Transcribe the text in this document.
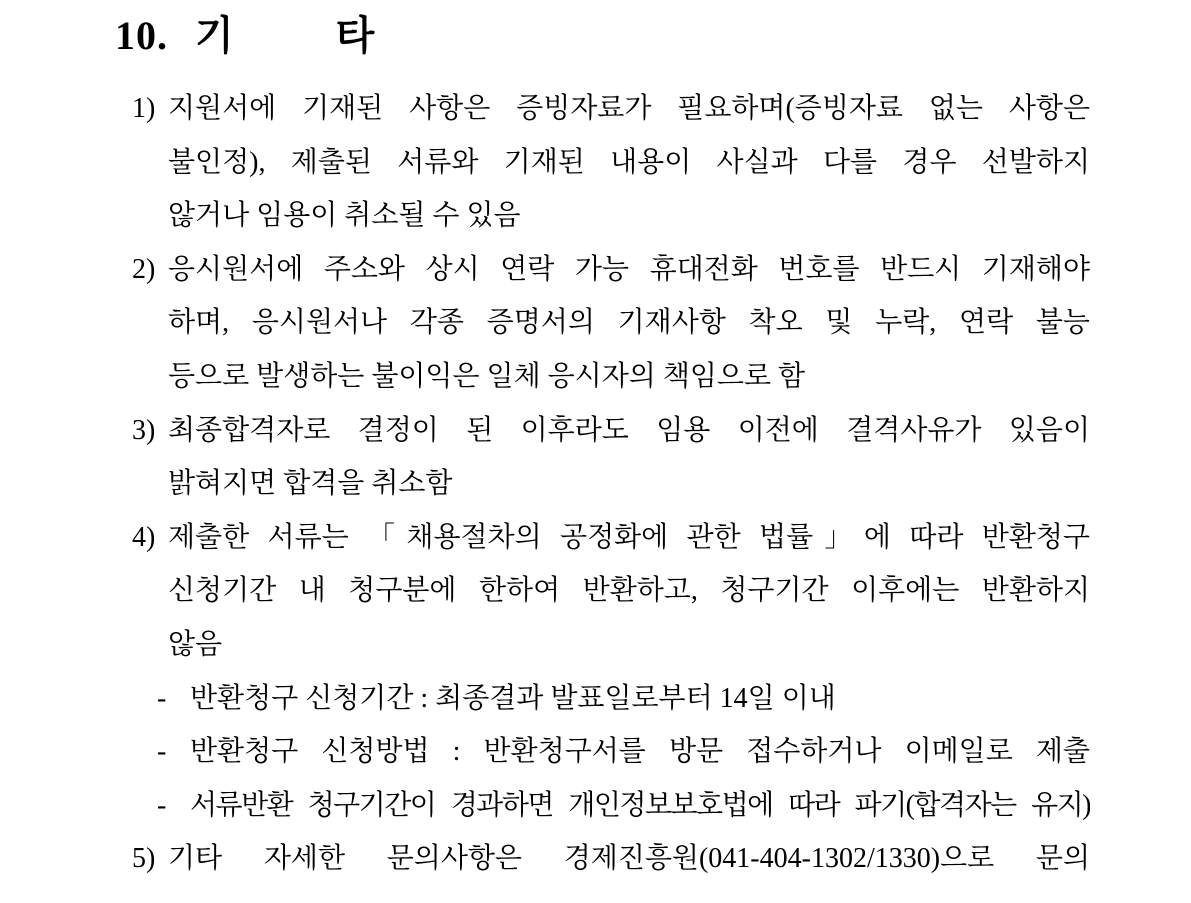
10. 기	타
1) 지원서에 기재된 사항은 증빙자료가 필요하며(증빙자료 없는 사항은
불인정), 제출된 서류와 기재된 내용이 사실과 다를 경우 선발하지
않거나 임용이 취소될 수 있음
2) 응시원서에 주소와 상시 연락 가능 휴대전화 번호를 반드시 기재해야
하며, 응시원서나 각종 증명서의 기재사항 착오 및 누락, 연락 불능
등으로 발생하는 불이익은 일체 응시자의 책임으로 함
3) 최종합격자로 결정이 된 이후라도 임용 이전에 결격사유가 있음이
밝혀지면 합격을 취소함
4) 제출한 서류는 「채용절차의 공정화에 관한 법률」에 따라 반환청구
신청기간 내 청구분에 한하여 반환하고, 청구기간 이후에는 반환하지
않음
- 반환청구 신청기간 : 최종결과 발표일로부터 14일 이내
- 반환청구 신청방법 : 반환청구서를 방문 접수하거나 이메일로 제출
- 서류반환 청구기간이 경과하면 개인정보보호법에 따라 파기(합격자는 유지)
5) 기타 자세한 문의사항은 경제진흥원(041-404-1302/1330)으로 문의
